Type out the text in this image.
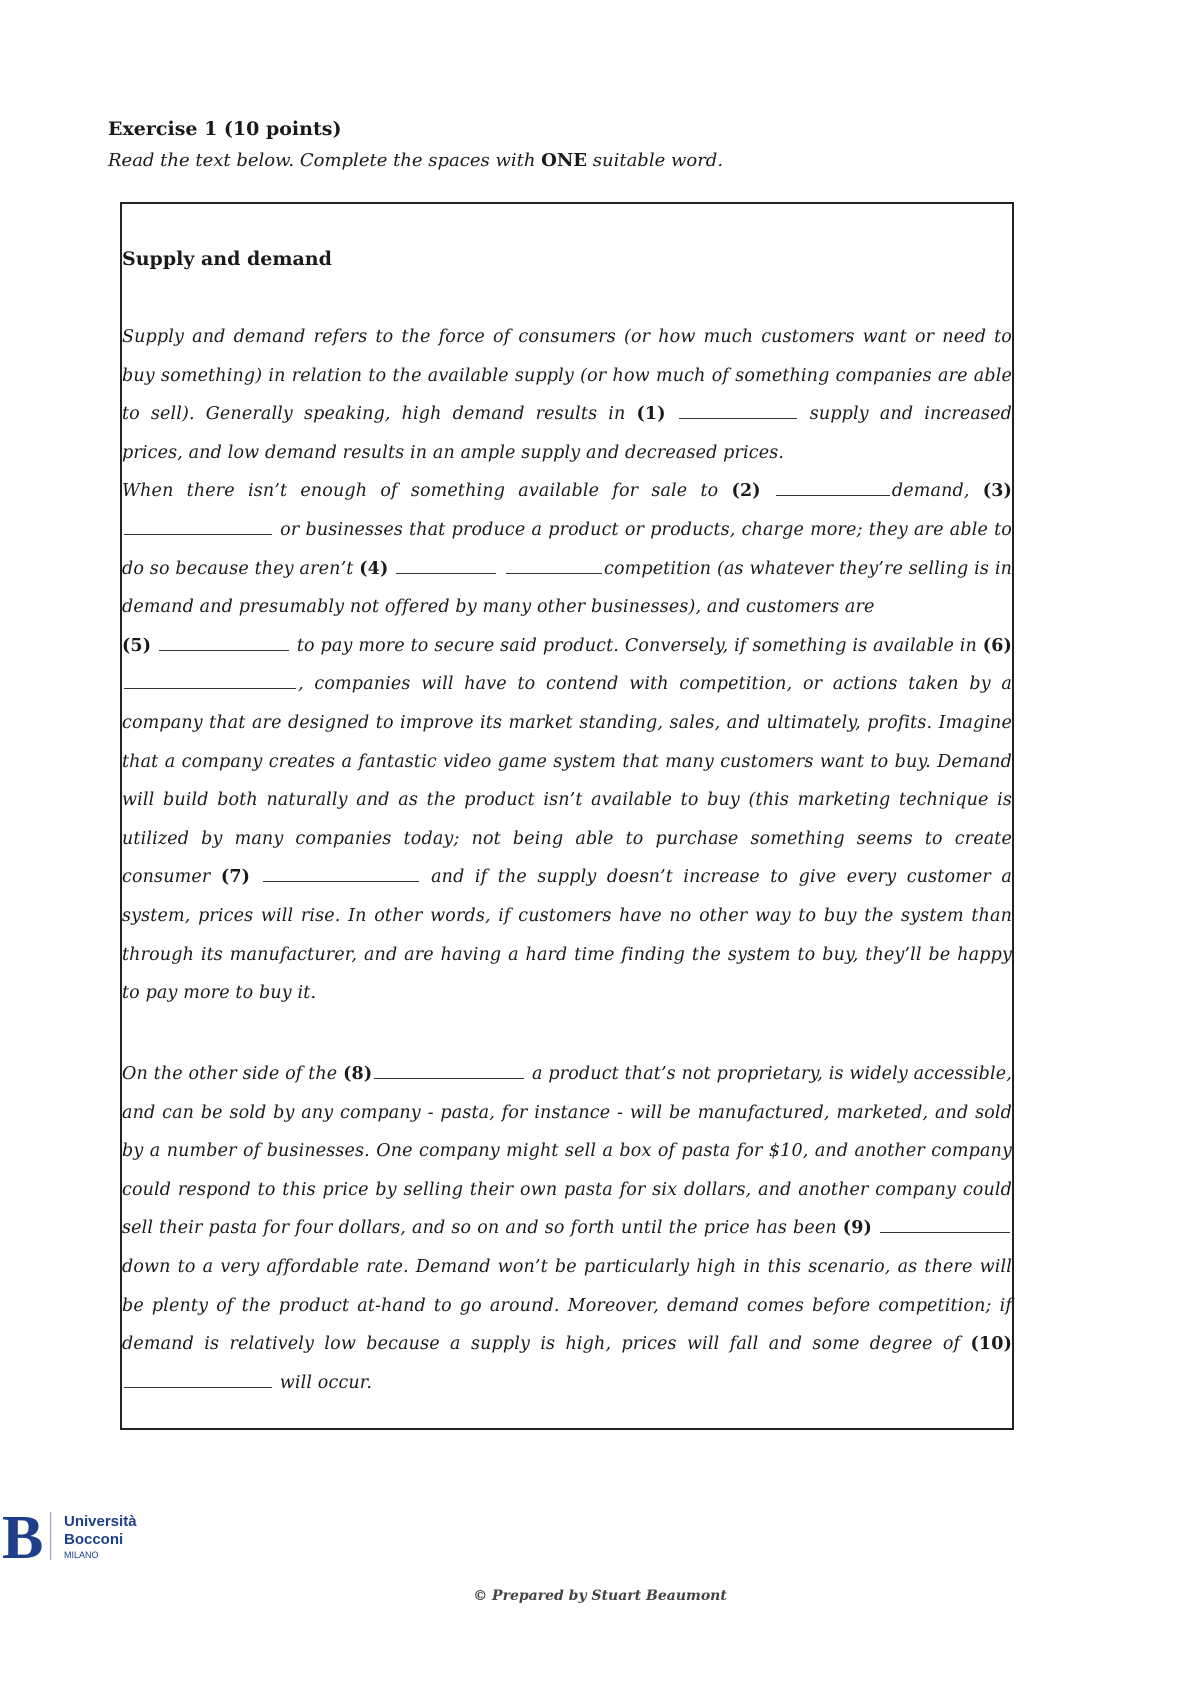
Exercise 1 (10 points)

Read the text below. Complete the spaces with ONE suitable word.

Supply and demand

Supply and demand refers to the force of consumers (or how much customers want or need to buy something) in relation to the available supply (or how much of something companies are able to sell). Generally speaking, high demand results in (1)	supply and increased prices, and low demand results in an ample supply and decreased prices.
When there isn’t enough of something available for sale to (2)	demand, (3)  or businesses that produce a product or products, charge more; they are able to do so because they aren’t (4)	competition (as whatever they’re selling is in demand and presumably not offered by many other businesses), and customers are
(5)	to pay more to secure said product. Conversely, if something is available in (6) , companies will have to contend with competition, or actions taken by a company that are designed to improve its market standing, sales, and ultimately, profits. Imagine that a company creates a fantastic video game system that many customers want to buy. Demand will build both naturally and as the product isn’t available to buy (this marketing technique is utilized by many companies today; not being able to purchase something seems to create consumer (7)	and if the supply doesn’t increase to give every customer a system, prices will rise. In other words, if customers have no other way to buy the system than through its manufacturer, and are having a hard time finding the system to buy, they’ll be happy to pay more to buy it.

On the other side of the (8)	a product that’s not proprietary, is widely accessible, and can be sold by any company - pasta, for instance - will be manufactured, marketed, and sold by a number of businesses. One company might sell a box of pasta for $10, and another company could respond to this price by selling their own pasta for six dollars, and another company could sell their pasta for four dollars, and so on and so forth until the price has been (9) down to a very affordable rate. Demand won’t be particularly high in this scenario, as there will be plenty of the product at-hand to go around. Moreover, demand comes before competition; if demand is relatively low because a supply is high, prices will fall and some degree of (10)  will occur.

B Università
Bocconi
MILANO
© Prepared by Stuart Beaumont
